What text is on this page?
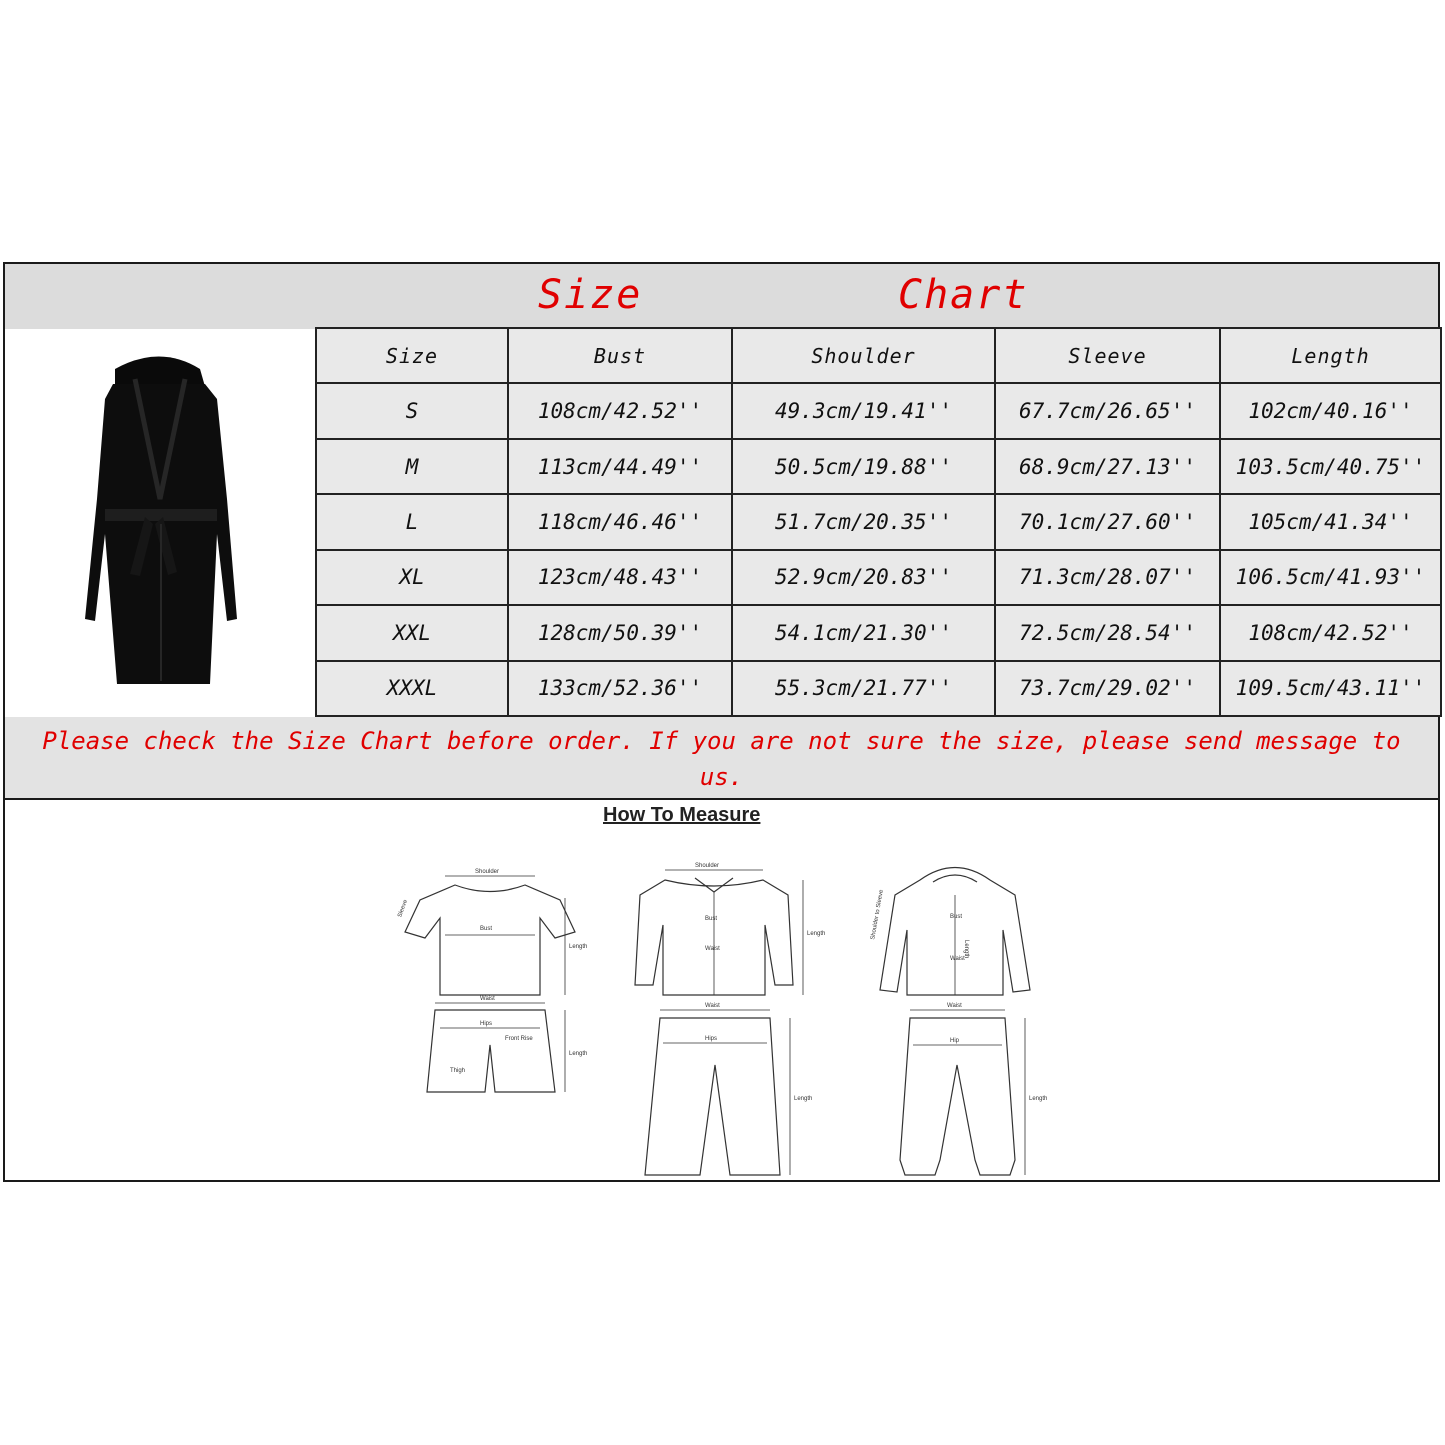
Size	Chart
Size	Bust	Shoulder	Sleeve	Length
S	108cm/42.52''	49.3cm/19.41''	67.7cm/26.65''	102cm/40.16''
M	113cm/44.49''	50.5cm/19.88''	68.9cm/27.13''	103.5cm/40.75''
L	118cm/46.46''	51.7cm/20.35''	70.1cm/27.60''	105cm/41.34''
XL	123cm/48.43''	52.9cm/20.83''	71.3cm/28.07''	106.5cm/41.93''
XXL	128cm/50.39''	54.1cm/21.30''	72.5cm/28.54''	108cm/42.52''
XXXL	133cm/52.36''	55.3cm/21.77''	73.7cm/29.02''	109.5cm/43.11''
Please check the Size Chart before order. If you are not sure the size, please send message to us.
How To Measure
Shoulder
Bust
Length
Sleeve
Waist
Hips
Front Rise
Thigh
Length
Shoulder
Bust
Waist
Length
Waist
Hips
Length
Bust
Waist
Shoulder to Sleeve
Length
Waist
Hip
Length
